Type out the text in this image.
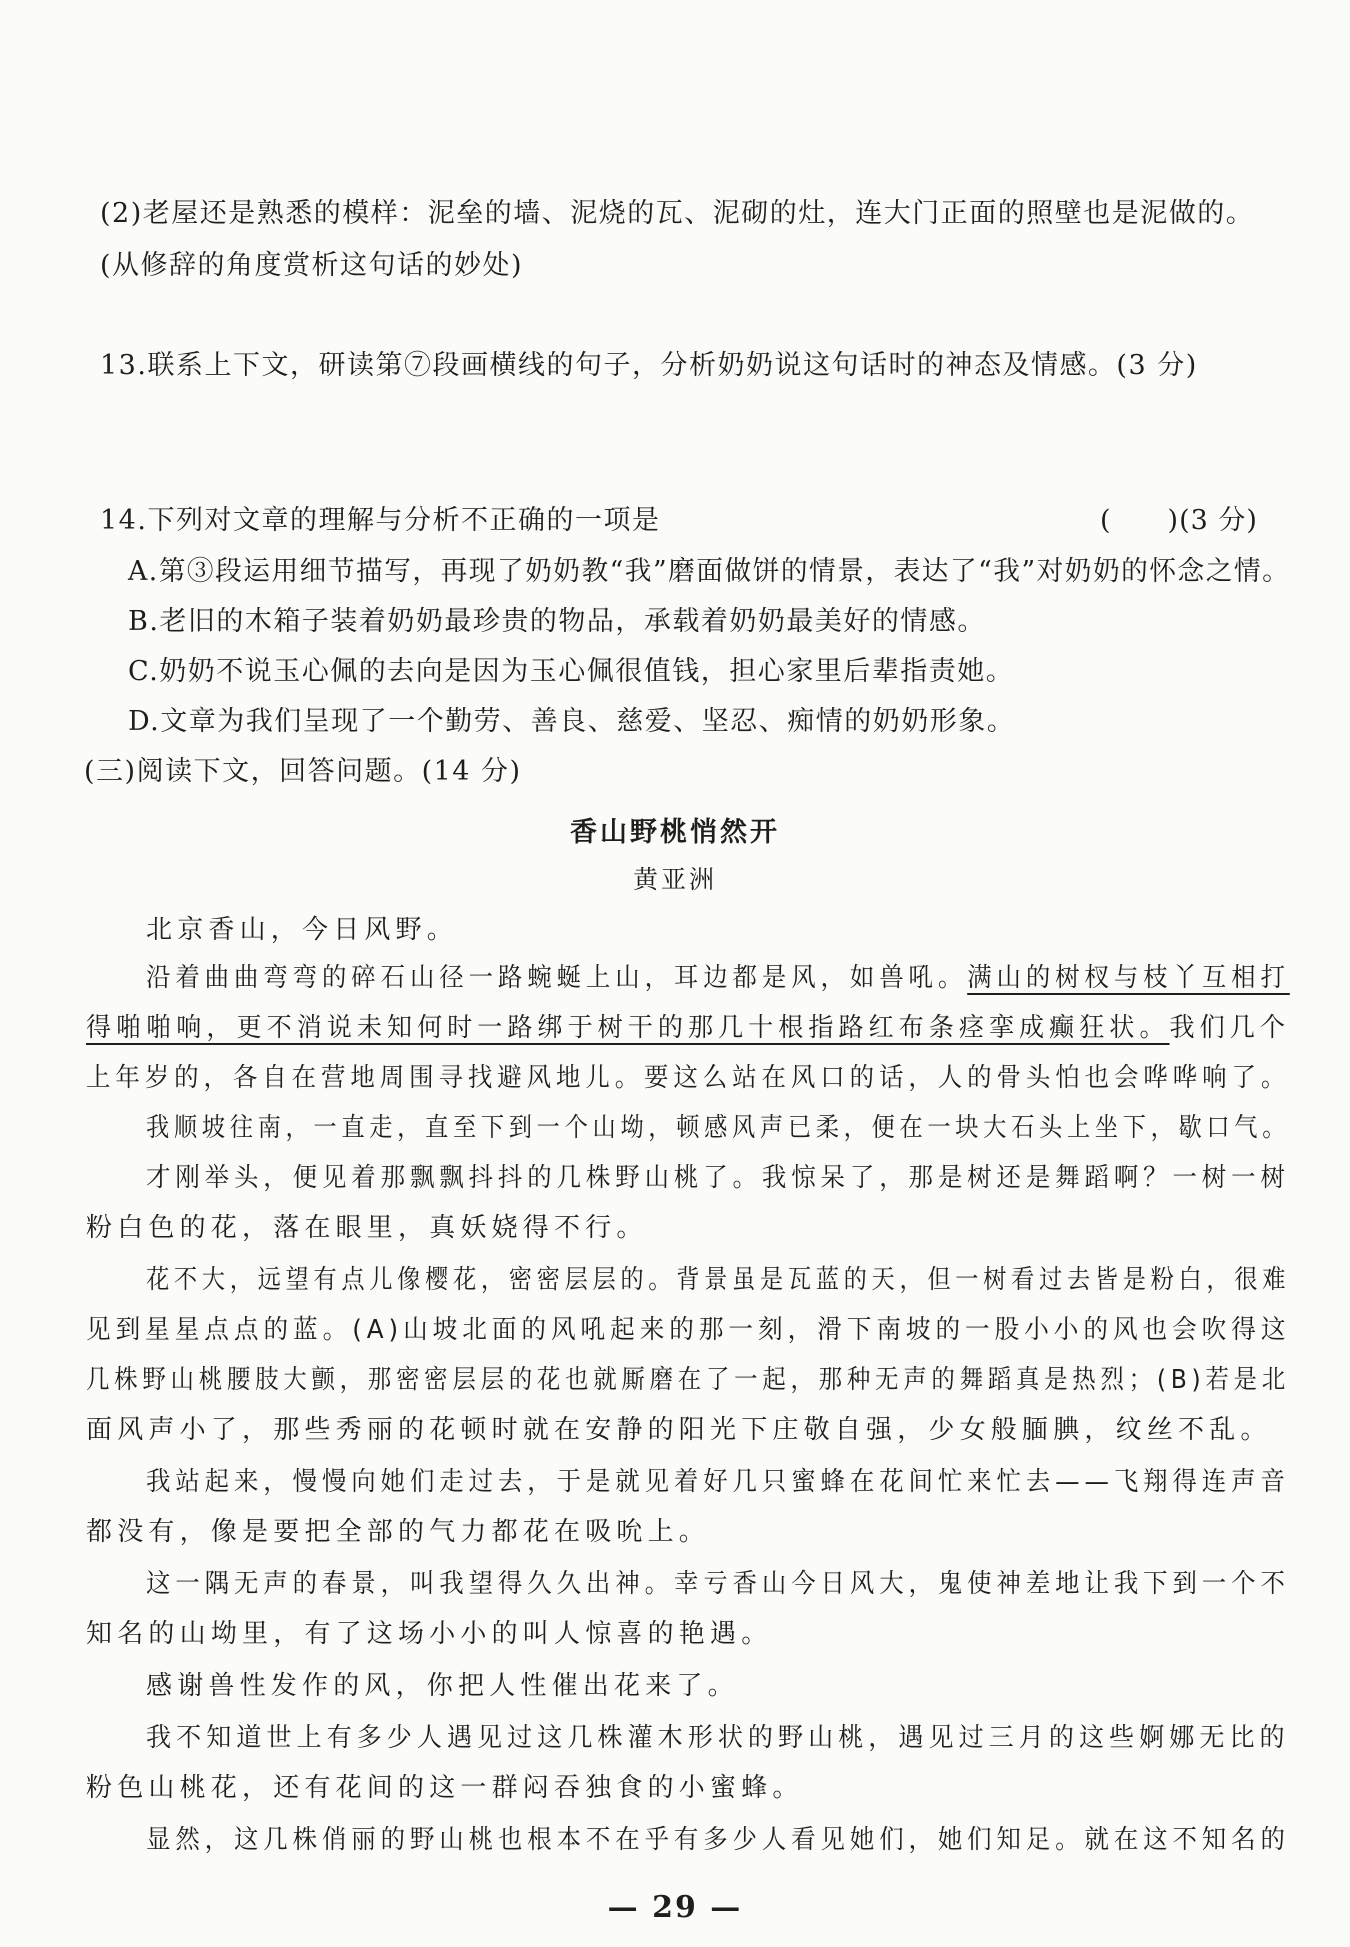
(2)老屋还是熟悉的模样：泥垒的墙、泥烧的瓦、泥砌的灶，连大门正面的照壁也是泥做的。
(从修辞的角度赏析这句话的妙处)
13.联系上下文，研读第⑦段画横线的句子，分析奶奶说这句话时的神态及情感。(3 分)
14.下列对文章的理解与分析不正确的一项是	(　　)(3 分)
A.第③段运用细节描写，再现了奶奶教“我”磨面做饼的情景，表达了“我”对奶奶的怀念之情。
B.老旧的木箱子装着奶奶最珍贵的物品，承载着奶奶最美好的情感。
C.奶奶不说玉心佩的去向是因为玉心佩很值钱，担心家里后辈指责她。
D.文章为我们呈现了一个勤劳、善良、慈爱、坚忍、痴情的奶奶形象。
(三)阅读下文，回答问题。(14 分)
香山野桃悄然开
黄亚洲
北京香山，今日风野。
沿着曲曲弯弯的碎石山径一路蜿蜒上山，耳边都是风，如兽吼。满山的树杈与枝丫互相打
得啪啪响，更不消说未知何时一路绑于树干的那几十根指路红布条痉挛成癫狂状。我们几个
上年岁的，各自在营地周围寻找避风地儿。要这么站在风口的话，人的骨头怕也会哗哗响了。
我顺坡往南，一直走，直至下到一个山坳，顿感风声已柔，便在一块大石头上坐下，歇口气。
才刚举头，便见着那飘飘抖抖的几株野山桃了。我惊呆了，那是树还是舞蹈啊？一树一树
粉白色的花，落在眼里，真妖娆得不行。
花不大，远望有点儿像樱花，密密层层的。背景虽是瓦蓝的天，但一树看过去皆是粉白，很难
见到星星点点的蓝。(A)山坡北面的风吼起来的那一刻，滑下南坡的一股小小的风也会吹得这
几株野山桃腰肢大颤，那密密层层的花也就厮磨在了一起，那种无声的舞蹈真是热烈；(B)若是北
面风声小了，那些秀丽的花顿时就在安静的阳光下庄敬自强，少女般腼腆，纹丝不乱。
我站起来，慢慢向她们走过去，于是就见着好几只蜜蜂在花间忙来忙去——飞翔得连声音
都没有，像是要把全部的气力都花在吸吮上。
这一隅无声的春景，叫我望得久久出神。幸亏香山今日风大，鬼使神差地让我下到一个不
知名的山坳里，有了这场小小的叫人惊喜的艳遇。
感谢兽性发作的风，你把人性催出花来了。
我不知道世上有多少人遇见过这几株灌木形状的野山桃，遇见过三月的这些婀娜无比的
粉色山桃花，还有花间的这一群闷吞独食的小蜜蜂。
显然，这几株俏丽的野山桃也根本不在乎有多少人看见她们，她们知足。就在这不知名的
— 29 —
